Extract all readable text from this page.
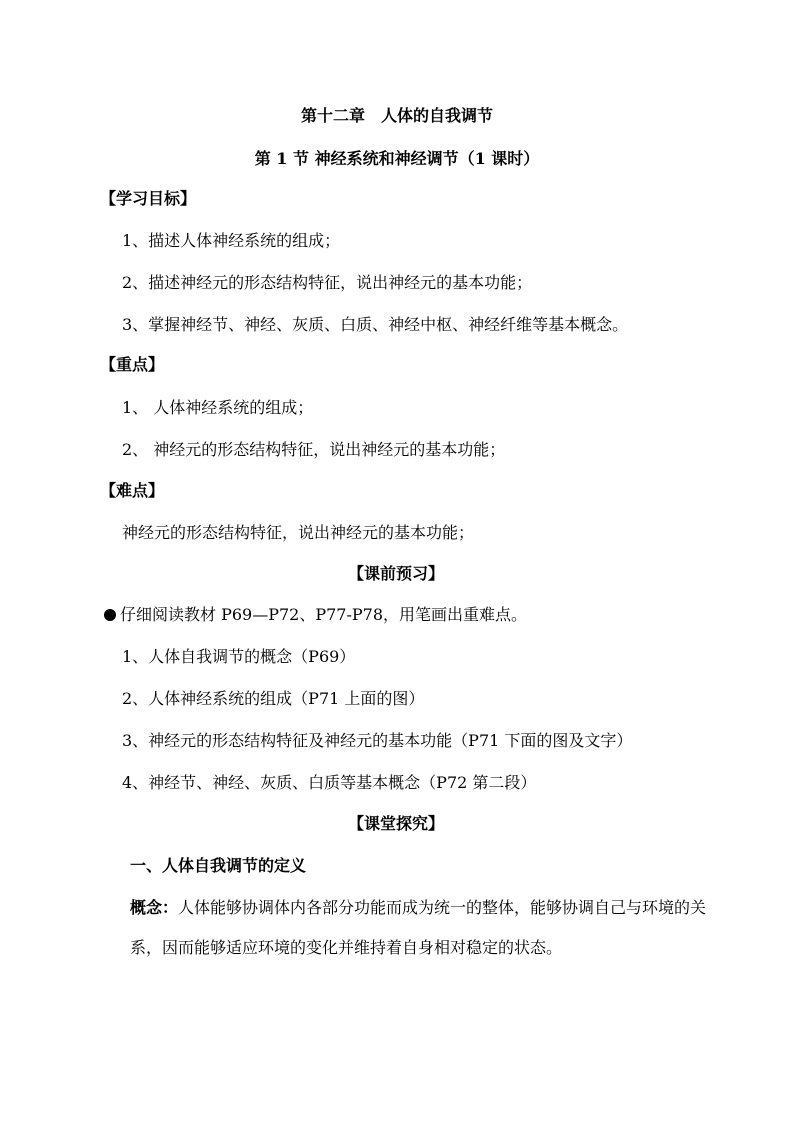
第十二章　人体的自我调节
第 1 节 神经系统和神经调节（1 课时）
【学习目标】
1、描述人体神经系统的组成；
2、描述神经元的形态结构特征，说出神经元的基本功能；
3、掌握神经节、神经、灰质、白质、神经中枢、神经纤维等基本概念。
【重点】
1、 人体神经系统的组成；
2、 神经元的形态结构特征，说出神经元的基本功能；
【难点】
神经元的形态结构特征，说出神经元的基本功能；
【课前预习】
仔细阅读教材 P69—P72、P77-P78，用笔画出重难点。
1、人体自我调节的概念（P69）
2、人体神经系统的组成（P71 上面的图）
3、神经元的形态结构特征及神经元的基本功能（P71 下面的图及文字）
4、神经节、神经、灰质、白质等基本概念（P72 第二段）
【课堂探究】
一、人体自我调节的定义
概念：人体能够协调体内各部分功能而成为统一的整体，能够协调自己与环境的关系，因而能够适应环境的变化并维持着自身相对稳定的状态。
